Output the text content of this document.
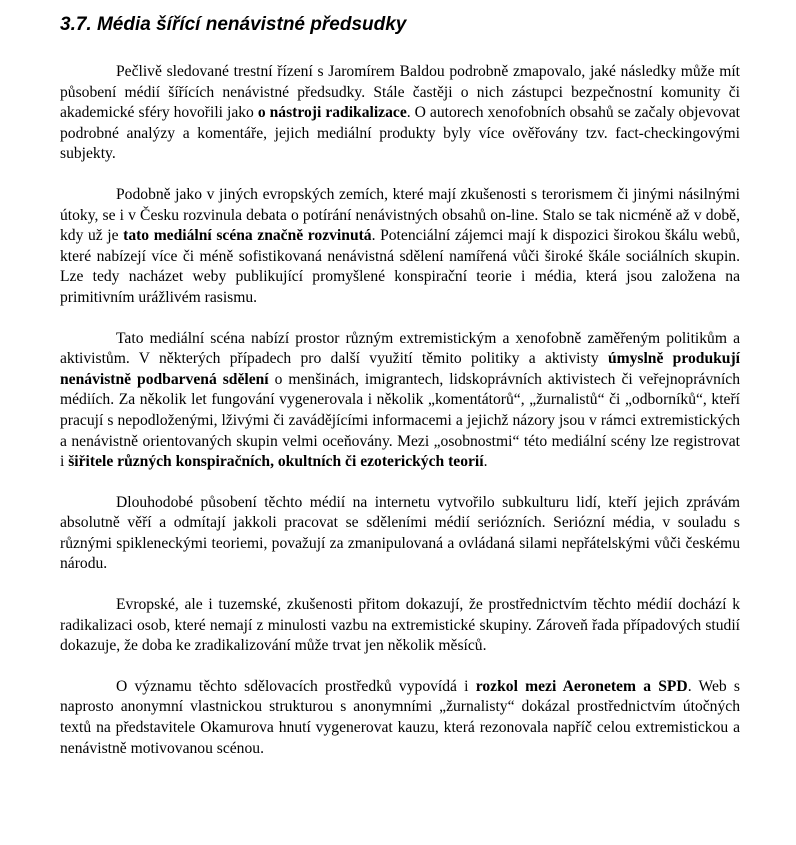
3.7. Média šířící nenávistné předsudky

Pečlivě sledované trestní řízení s Jaromírem Baldou podrobně zmapovalo, jaké následky může mít působení médií šířících nenávistné předsudky. Stále častěji o nich zástupci bezpečnostní komunity či akademické sféry hovořili jako o nástroji radikalizace. O autorech xenofobních obsahů se začaly objevovat podrobné analýzy a komentáře, jejich mediální produkty byly více ověřovány tzv. fact-checkingovými subjekty.

Podobně jako v jiných evropských zemích, které mají zkušenosti s terorismem či jinými násilnými útoky, se i v Česku rozvinula debata o potírání nenávistných obsahů on-line. Stalo se tak nicméně až v době, kdy už je tato mediální scéna značně rozvinutá. Potenciální zájemci mají k dispozici širokou škálu webů, které nabízejí více či méně sofistikovaná nenávistná sdělení namířená vůči široké škále sociálních skupin. Lze tedy nacházet weby publikující promyšlené konspirační teorie i média, která jsou založena na primitivním urážlivém rasismu.

Tato mediální scéna nabízí prostor různým extremistickým a xenofobně zaměřeným politikům a aktivistům. V některých případech pro další využití těmito politiky a aktivisty úmyslně produkují nenávistně podbarvená sdělení o menšinách, imigrantech, lidskoprávních aktivistech či veřejnoprávních médiích. Za několik let fungování vygenerovala i několik „komentátorů“, „žurnalistů“ či „odborníků“, kteří pracují s nepodloženými, lživými či zavádějícími informacemi a jejichž názory jsou v rámci extremistických a nenávistně orientovaných skupin velmi oceňovány. Mezi „osobnostmi“ této mediální scény lze registrovat i šiřitele různých konspiračních, okultních či ezoterických teorií.

Dlouhodobé působení těchto médií na internetu vytvořilo subkulturu lidí, kteří jejich zprávám absolutně věří a odmítají jakkoli pracovat se sděleními médií seriózních. Seriózní média, v souladu s různými spikleneckými teoriemi, považují za zmanipulovaná a ovládaná silami nepřátelskými vůči českému národu.

Evropské, ale i tuzemské, zkušenosti přitom dokazují, že prostřednictvím těchto médií dochází k radikalizaci osob, které nemají z minulosti vazbu na extremistické skupiny. Zároveň řada případových studií dokazuje, že doba ke zradikalizování může trvat jen několik měsíců.

O významu těchto sdělovacích prostředků vypovídá i rozkol mezi Aeronetem a SPD. Web s naprosto anonymní vlastnickou strukturou s anonymními „žurnalisty“ dokázal prostřednictvím útočných textů na představitele Okamurova hnutí vygenerovat kauzu, která rezonovala napříč celou extremistickou a nenávistně motivovanou scénou.
